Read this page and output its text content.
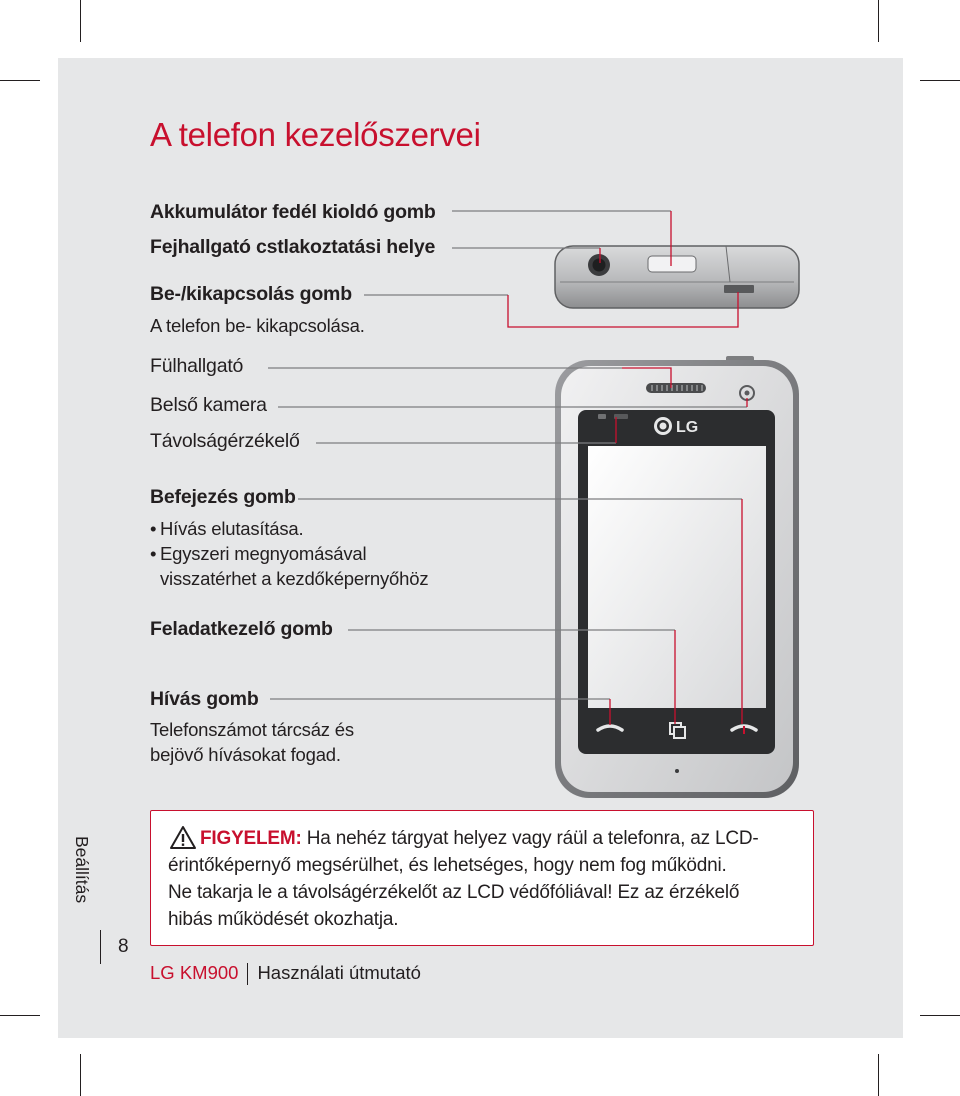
A telefon kezelőszervei
Akkumulátor fedél kioldó gomb
Fejhallgató cstlakoztatási helye
Be-/kikapcsolás gomb
A telefon be- kikapcsolása.
Fülhallgató
Belső kamera
Távolságérzékelő
Befejezés gomb
• Hívás elutasítása.
• Egyszeri megnyomásával
visszatérhet a kezdőképernyőhöz
Feladatkezelő gomb
Hívás gomb
Telefonszámot tárcsáz és
bejövő hívásokat fogad.
LG

FIGYELEM: Ha nehéz tárgyat helyez vagy ráül a telefonra, az LCD-
érintőképernyő megsérülhet, és lehetséges, hogy nem fog működni.
Ne takarja le a távolságérzékelőt az LCD védőfóliával! Ez az érzékelő
hibás működését okozhatja.

Beállítás
8
LG KM900 Használati útmutató
